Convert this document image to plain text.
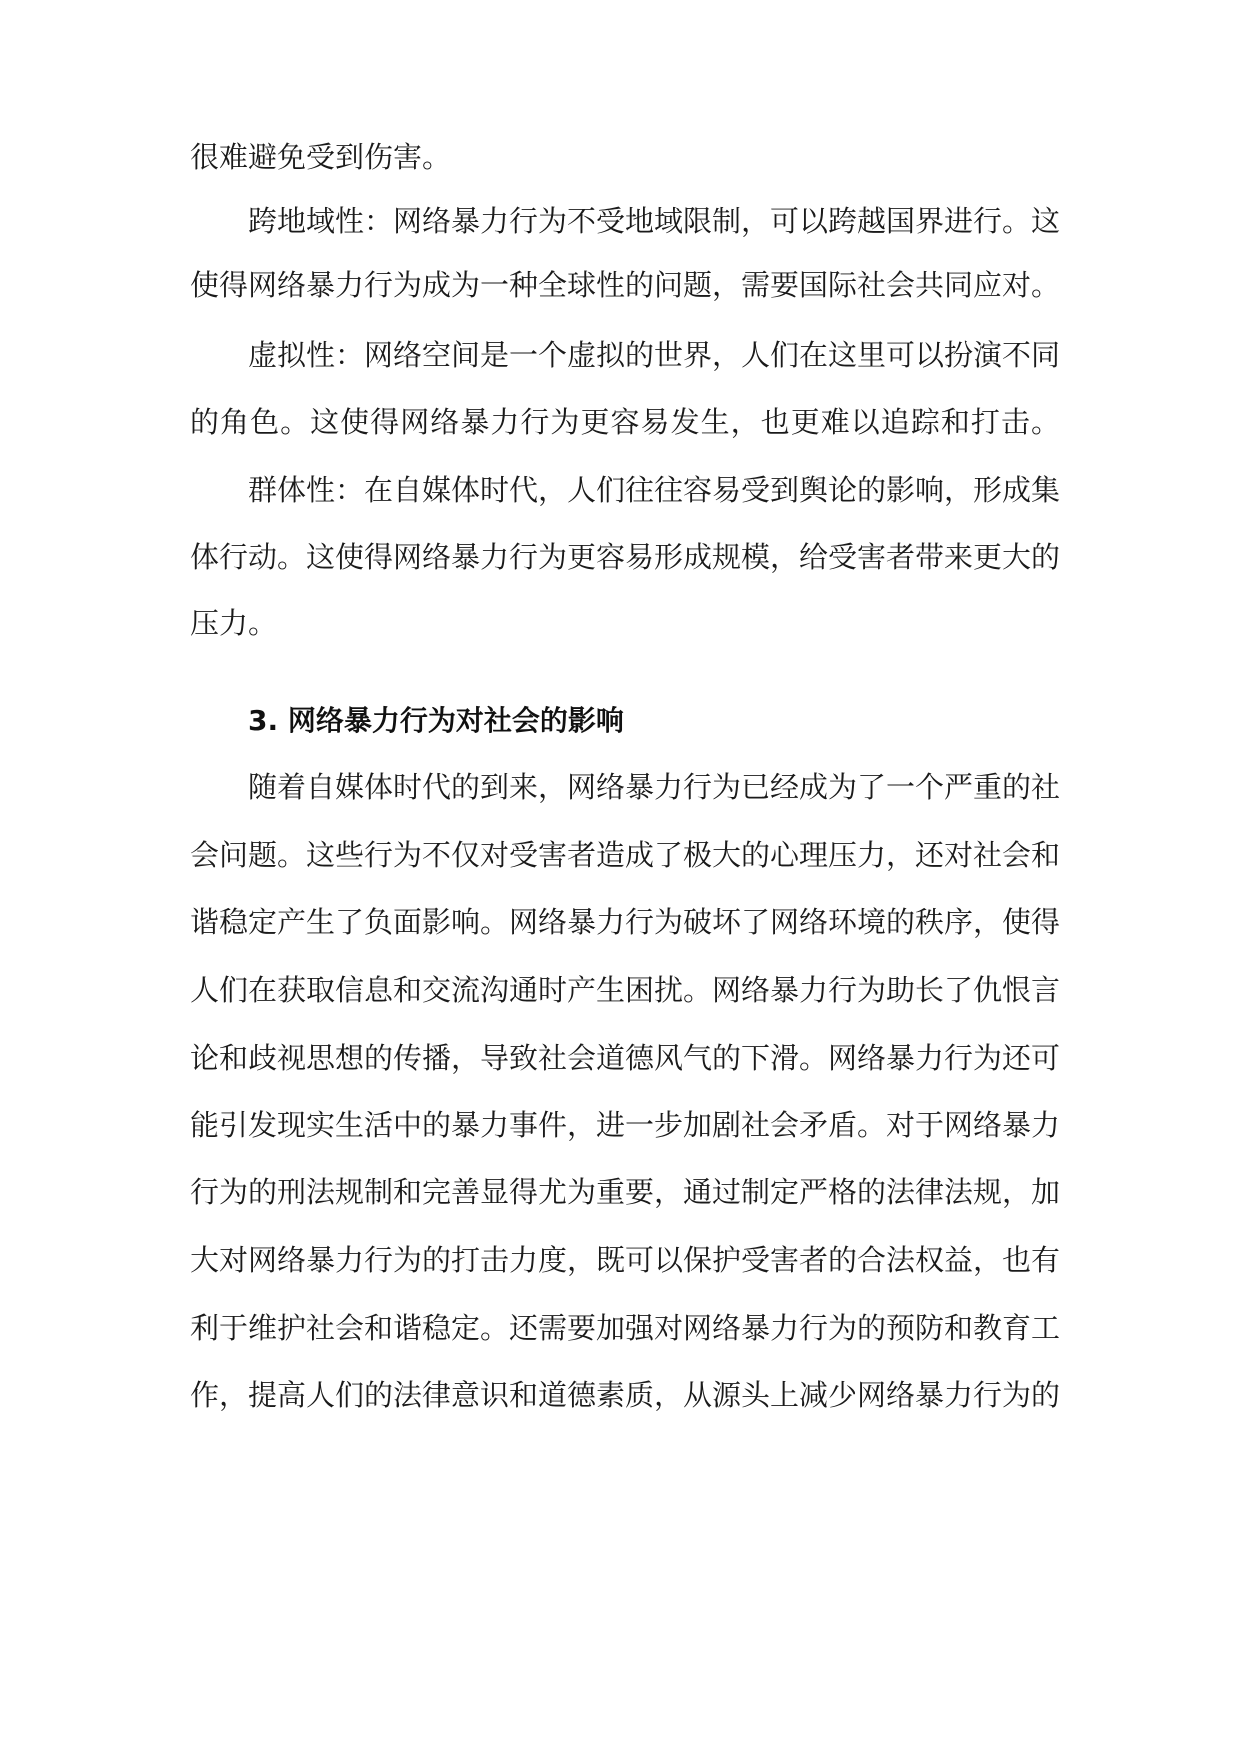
很难避免受到伤害。
跨地域性：网络暴力行为不受地域限制，可以跨越国界进行。这
使得网络暴力行为成为一种全球性的问题，需要国际社会共同应对。
虚拟性：网络空间是一个虚拟的世界，人们在这里可以扮演不同
的角色。这使得网络暴力行为更容易发生，也更难以追踪和打击。
群体性：在自媒体时代，人们往往容易受到舆论的影响，形成集
体行动。这使得网络暴力行为更容易形成规模，给受害者带来更大的
压力。
3. 网络暴力行为对社会的影响
随着自媒体时代的到来，网络暴力行为已经成为了一个严重的社
会问题。这些行为不仅对受害者造成了极大的心理压力，还对社会和
谐稳定产生了负面影响。网络暴力行为破坏了网络环境的秩序，使得
人们在获取信息和交流沟通时产生困扰。网络暴力行为助长了仇恨言
论和歧视思想的传播，导致社会道德风气的下滑。网络暴力行为还可
能引发现实生活中的暴力事件，进一步加剧社会矛盾。对于网络暴力
行为的刑法规制和完善显得尤为重要，通过制定严格的法律法规，加
大对网络暴力行为的打击力度，既可以保护受害者的合法权益，也有
利于维护社会和谐稳定。还需要加强对网络暴力行为的预防和教育工
作，提高人们的法律意识和道德素质，从源头上减少网络暴力行为的
